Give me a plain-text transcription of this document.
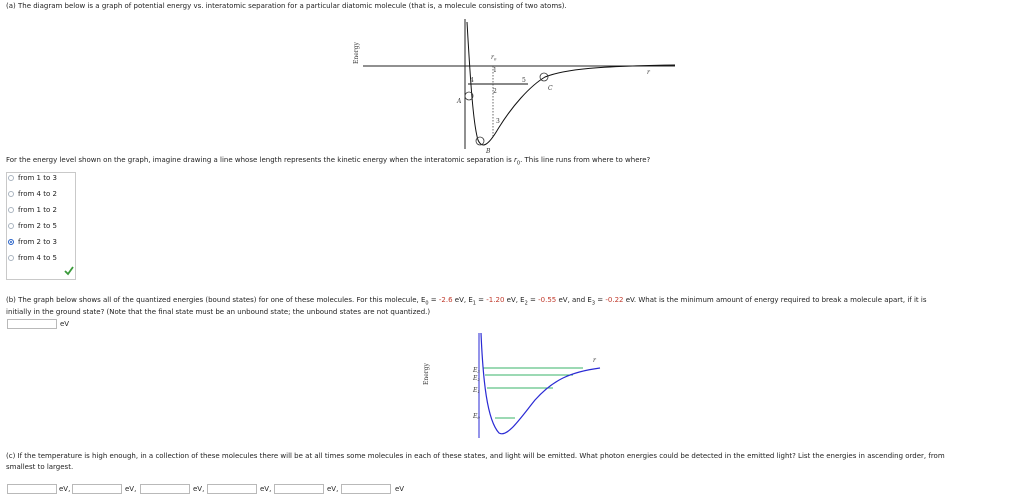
(a) The diagram below is a graph of potential energy vs. interatomic separation for a particular diatomic molecule (that is, a molecule consisting of two atoms).
Energy
r
$r_0$
1
4
2
3
5
A
B
C
For the energy level shown on the graph, imagine drawing a line whose length represents the kinetic energy when the interatomic separation is $r_0$. This line runs from where to where?
from 1 to 3
from 4 to 2
from 1 to 2
from 2 to 5
from 2 to 3
from 4 to 5
(b) The graph below shows all of the quantized energies (bound states) for one of these molecules. For this molecule, $E_0 = -2.6$ eV, $E_1 = -1.20$ eV, $E_2 = -0.55$ eV, and $E_3 = -0.22$ eV. What is the minimum amount of energy required to break a molecule apart, if it is
initially in the ground state? (Note that the final state must be an unbound state; the unbound states are not quantized.)
eV
Energy
r
E3
E2
E1
E0
(c) If the temperature is high enough, in a collection of these molecules there will be at all times some molecules in each of these states, and light will be emitted. What photon energies could be detected in the emitted light? List the energies in ascending order, from
smallest to largest.
eV,	eV,	eV,	eV,	eV,	eV
